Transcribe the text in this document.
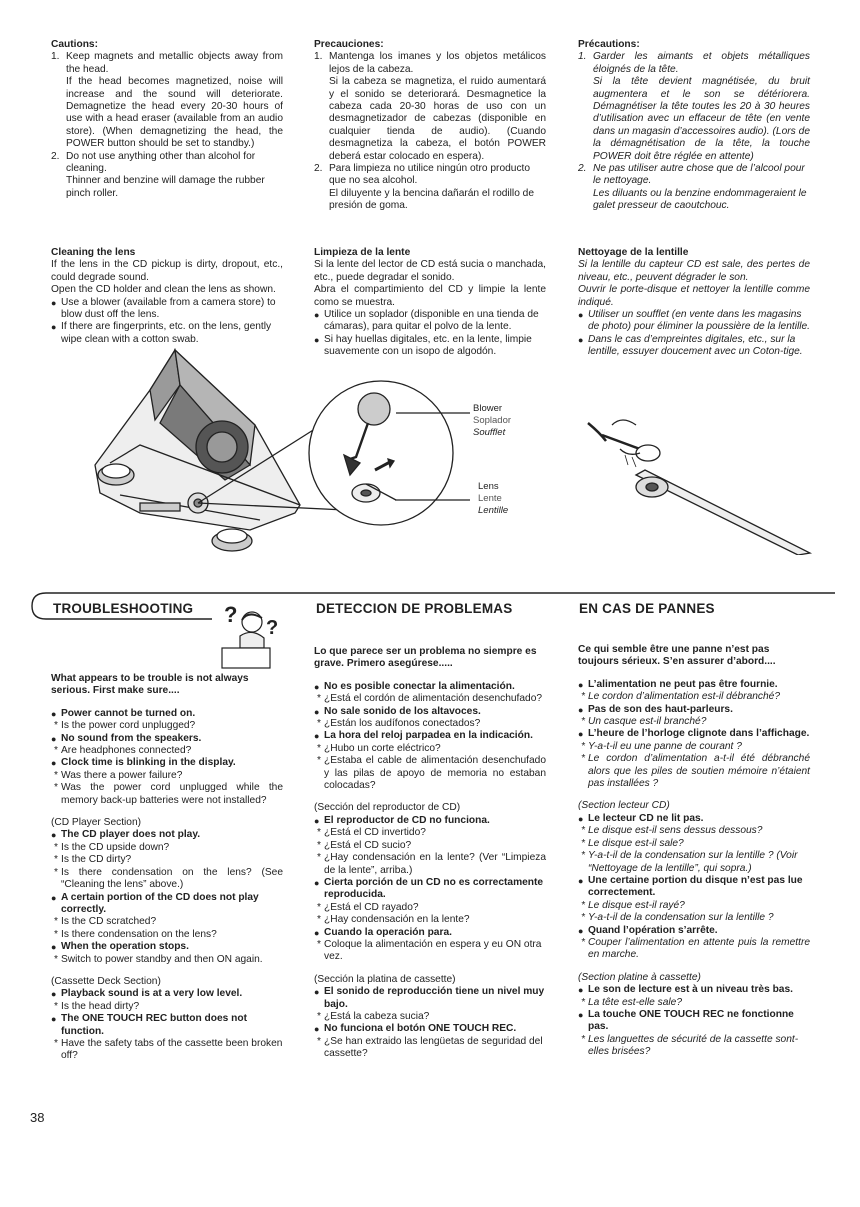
Cautions:
1. Keep magnets and metallic objects away from the head.
If the head becomes magnetized, noise will increase and the sound will deteriorate. Demagnetize the head every 20-30 hours of use with a head eraser (available from an audio store). (When demagnetizing the head, the POWER button should be set to standby.)
2. Do not use anything other than alcohol for cleaning.
Thinner and benzine will damage the rubber pinch roller.
Precauciones:
1. Mantenga los imanes y los objetos metálicos lejos de la cabeza.
Si la cabeza se magnetiza, el ruido aumentará y el sonido se deteriorará. Desmagnetice la cabeza cada 20-30 horas de uso con un desmagnetizador de cabezas (disponible en cualquier tienda de audio). (Cuando desmagnetiza la cabeza, el botón POWER deberá estar colocado en espera).
2. Para limpieza no utilice ningún otro producto que no sea alcohol.
El diluyente y la bencina dañarán el rodillo de presión de goma.
Précautions:
1. Garder les aimants et objets métalliques éloignés de la tête.
Si la tête devient magnétisée, du bruit augmentera et le son se détériorera. Démagnétiser la tête toutes les 20 à 30 heures d’utilisation avec un effaceur de tête (en vente dans un magasin d’accessoires audio). (Lors de la démagnétisation de la tête, la touche POWER doit être réglée en attente)
2. Ne pas utiliser autre chose que de l’alcool pour le nettoyage.
Les diluants ou la benzine endommageraient le galet presseur de caoutchouc.
Cleaning the lens
If the lens in the CD pickup is dirty, dropout, etc., could degrade sound.
Open the CD holder and clean the lens as shown.
● Use a blower (available from a camera store) to blow dust off the lens.
● If there are fingerprints, etc. on the lens, gently wipe clean with a cotton swab.
Limpieza de la lente
Si la lente del lector de CD está sucia o manchada, etc., puede degradar el sonido.
Abra el compartimiento del CD y limpie la lente como se muestra.
● Utilice un soplador (disponible en una tienda de cámaras), para quitar el polvo de la lente.
● Si hay huellas digitales, etc. en la lente, limpie suavemente con un isopo de algodón.
Nettoyage de la lentille
Si la lentille du capteur CD est sale, des pertes de niveau, etc., peuvent dégrader le son.
Ouvrir le porte-disque et nettoyer la lentille comme indiqué.
● Utiliser un soufflet (en vente dans les magasins de photo) pour éliminer la poussière de la lentille.
● Dans le cas d’empreintes digitales, etc., sur la lentille, essuyer doucement avec un Coton-tige.
Blower
Soplador
Soufflet
Lens
Lente
Lentille
TROUBLESHOOTING	DETECCION DE PROBLEMAS	EN CAS DE PANNES
?
?
What appears to be trouble is not always serious. First make sure....
● Power cannot be turned on.
* Is the power cord unplugged?
● No sound from the speakers.
* Are headphones connected?
● Clock time is blinking in the display.
* Was there a power failure?
* Was the power cord unplugged while the memory back-up batteries were not installed?
(CD Player Section)
● The CD player does not play.
* Is the CD upside down?
* Is the CD dirty?
* Is there condensation on the lens? (See “Cleaning the lens” above.)
● A certain portion of the CD does not play correctly.
* Is the CD scratched?
* Is there condensation on the lens?
● When the operation stops.
* Switch to power standby and then ON again.
(Cassette Deck Section)
● Playback sound is at a very low level.
* Is the head dirty?
● The ONE TOUCH REC button does not function.
* Have the safety tabs of the cassette been broken off?
Lo que parece ser un problema no siempre es grave. Primero asegúrese.....
● No es posible conectar la alimentación.
* ¿Está el cordón de alimentación desenchufado?
● No sale sonido de los altavoces.
* ¿Están los audífonos conectados?
● La hora del reloj parpadea en la indicación.
* ¿Hubo un corte eléctrico?
* ¿Estaba el cable de alimentación desenchufado y las pilas de apoyo de memoria no estaban colocadas?
(Sección del reproductor de CD)
● El reproductor de CD no funciona.
* ¿Está el CD invertido?
* ¿Está el CD sucio?
* ¿Hay condensación en la lente? (Ver “Limpieza de la lente”, arriba.)
● Cierta porción de un CD no es correctamente reproducida.
* ¿Está el CD rayado?
* ¿Hay condensación en la lente?
● Cuando la operación para.
* Coloque la alimentación en espera y eu ON otra vez.
(Sección la platina de cassette)
● El sonido de reproducción tiene un nivel muy bajo.
* ¿Está la cabeza sucia?
● No funciona el botón ONE TOUCH REC.
* ¿Se han extraido las lengüetas de seguridad del cassette?
Ce qui semble être une panne n’est pas toujours sérieux. S’en assurer d’abord....
● L’alimentation ne peut pas être fournie.
* Le cordon d’alimentation est-il débranché?
● Pas de son des haut-parleurs.
* Un casque est-il branché?
● L’heure de l’horloge clignote dans l’affichage.
* Y-a-t-il eu une panne de courant ?
* Le cordon d’alimentation a-t-il été débranché alors que les piles de soutien mémoire n’étaient pas installées ?
(Section lecteur CD)
● Le lecteur CD ne lit pas.
* Le disque est-il sens dessus dessous?
* Le disque est-il sale?
* Y-a-t-il de la condensation sur la lentille ? (Voir “Nettoyage de la lentille”, qui sopra.)
● Une certaine portion du disque n’est pas lue correctement.
* Le disque est-il rayé?
* Y-a-t-il de la condensation sur la lentille ?
● Quand l’opération s’arrête.
* Couper l’alimentation en attente puis la remettre en marche.
(Section platine à cassette)
● Le son de lecture est à un niveau très bas.
* La tête est-elle sale?
● La touche ONE TOUCH REC ne fonctionne pas.
* Les languettes de sécurité de la cassette sont-elles brisées?
38
